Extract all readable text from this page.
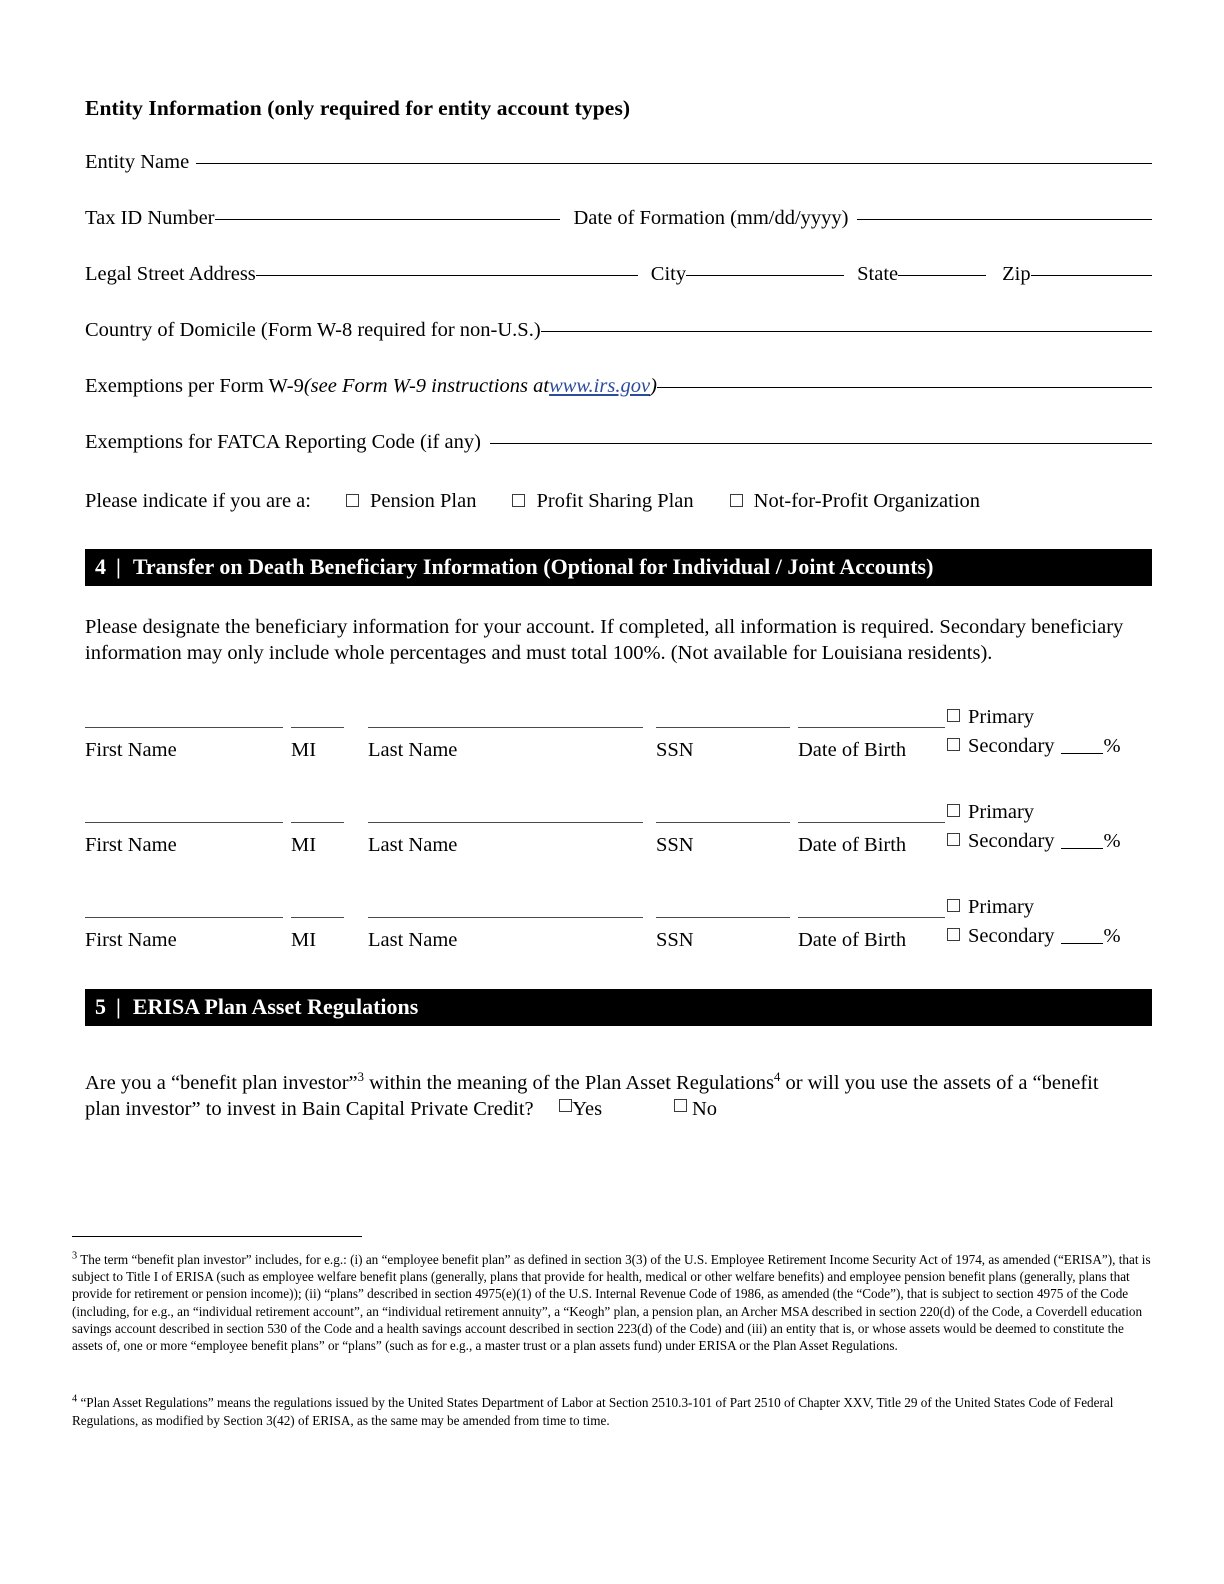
Entity Information (only required for entity account types)
Entity Name
Tax ID Number	Date of Formation (mm/dd/yyyy)
Legal Street Address	City	State	Zip
Country of Domicile (Form W-8 required for non-U.S.)
Exemptions per Form W-9 (see Form W-9 instructions at www.irs.gov )
Exemptions for FATCA Reporting Code (if any)
Please indicate if you are a:	Pension Plan	Profit Sharing Plan	Not-for-Profit Organization
4 | Transfer on Death Beneficiary Information (Optional for Individual / Joint Accounts)
Please designate the beneficiary information for your account. If completed, all information is required. Secondary beneficiary information may only include whole percentages and must total 100%. (Not available for Louisiana residents).
First Name	MI	Last Name	SSN	Date of Birth
Primary
Secondary %
First Name	MI	Last Name	SSN	Date of Birth
Primary
Secondary %
First Name	MI	Last Name	SSN	Date of Birth
Primary
Secondary %
5 | ERISA Plan Asset Regulations
Are you a “benefit plan investor”$^3$ within the meaning of the Plan Asset Regulations$^4$ or will you use the assets of a “benefit plan investor” to invest in Bain Capital Private Credit? Yes	No
$^3$ The term “benefit plan investor” includes, for e.g.: (i) an “employee benefit plan” as defined in section 3(3) of the U.S. Employee Retirement Income Security Act of 1974, as amended (“ERISA”), that is subject to Title I of ERISA (such as employee welfare benefit plans (generally, plans that provide for health, medical or other welfare benefits) and employee pension benefit plans (generally, plans that provide for retirement or pension income)); (ii) “plans” described in section 4975(e)(1) of the U.S. Internal Revenue Code of 1986, as amended (the “Code”), that is subject to section 4975 of the Code (including, for e.g., an “individual retirement account”, an “individual retirement annuity”, a “Keogh” plan, a pension plan, an Archer MSA described in section 220(d) of the Code, a Coverdell education savings account described in section 530 of the Code and a health savings account described in section 223(d) of the Code) and (iii) an entity that is, or whose assets would be deemed to constitute the assets of, one or more “employee benefit plans” or “plans” (such as for e.g., a master trust or a plan assets fund) under ERISA or the Plan Asset Regulations.
$^4$ “Plan Asset Regulations” means the regulations issued by the United States Department of Labor at Section 2510.3-101 of Part 2510 of Chapter XXV, Title 29 of the United States Code of Federal Regulations, as modified by Section 3(42) of ERISA, as the same may be amended from time to time.
